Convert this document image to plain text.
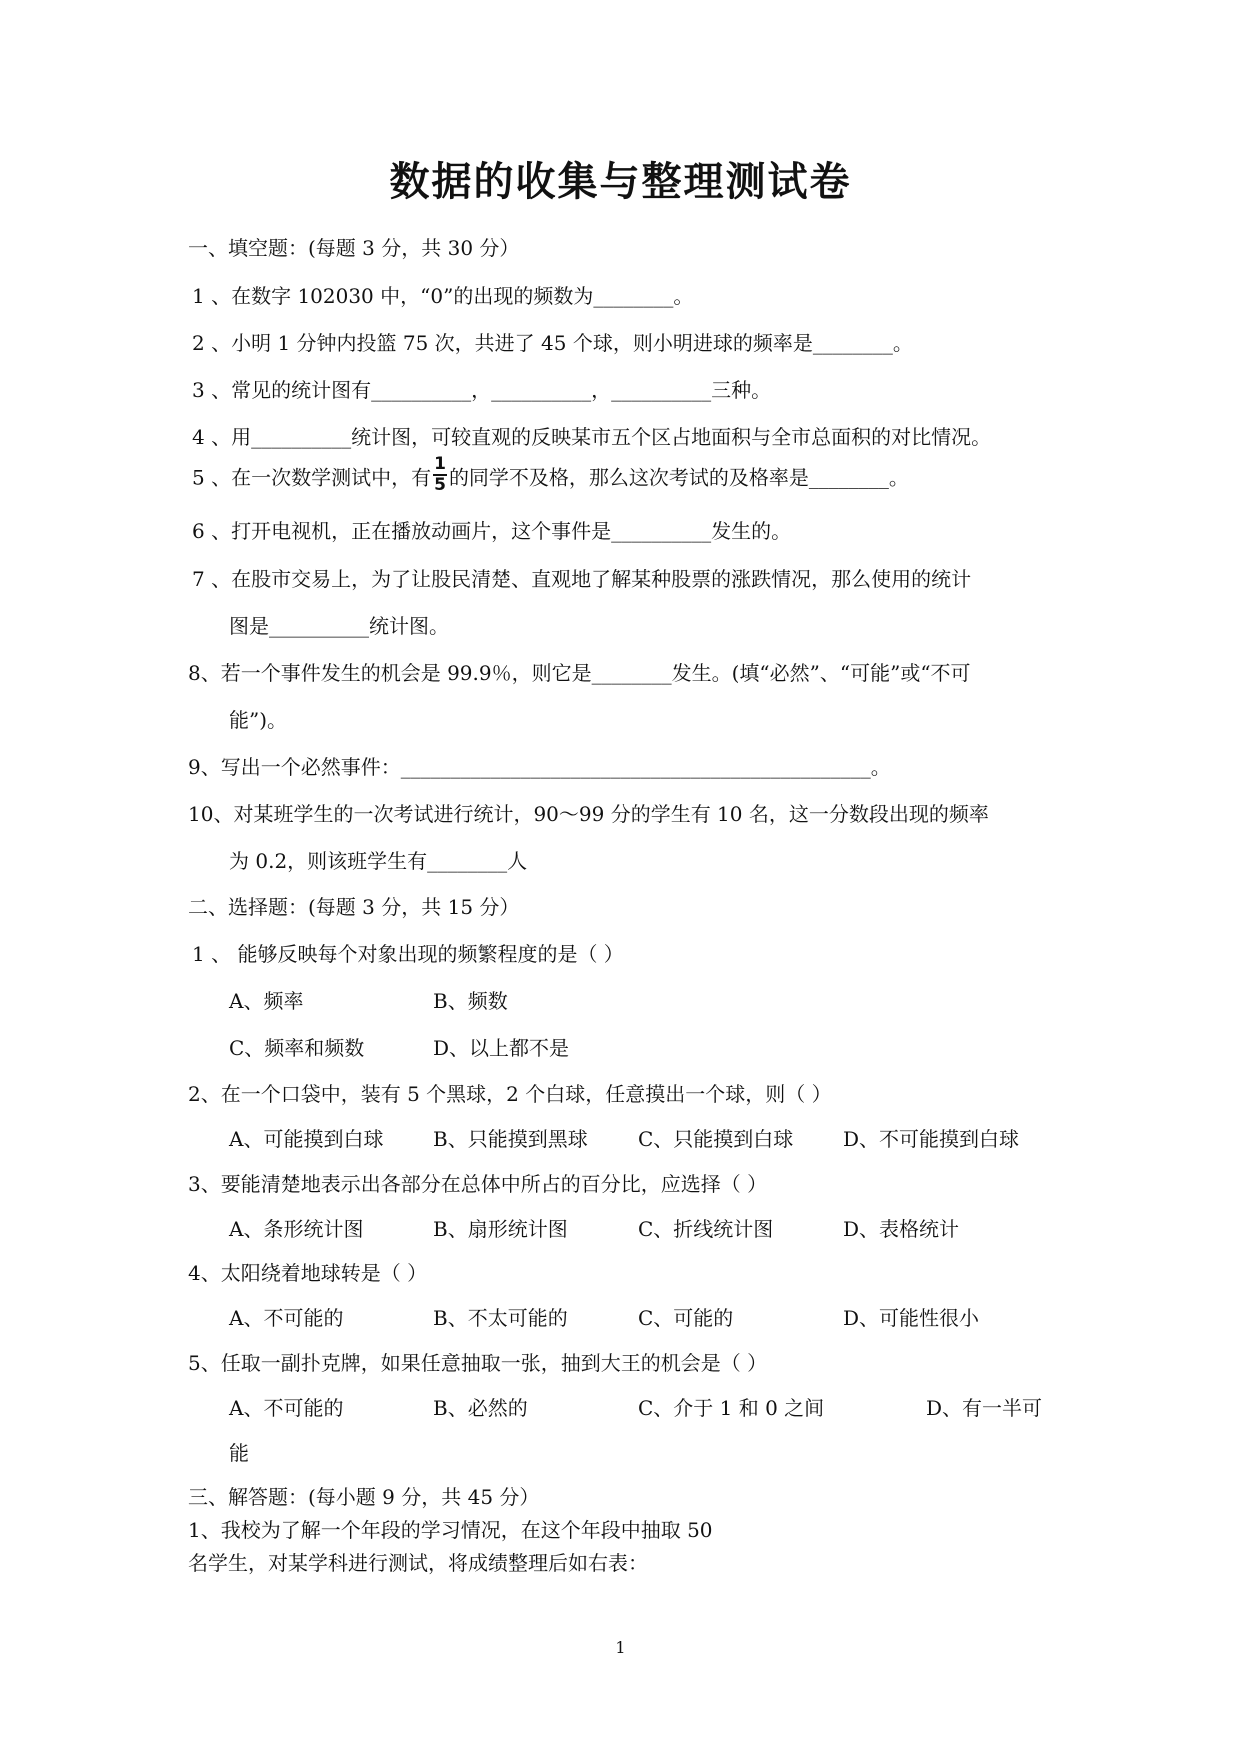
数据的收集与整理测试卷
一、填空题：(每题 3 分，共 30 分）
1 、在数字 102030 中，“0”的出现的频数为________。
2 、小明 1 分钟内投篮 75 次，共进了 45 个球，则小明进球的频率是________。
3 、常见的统计图有__________，__________，__________三种。
4 、用__________统计图，可较直观的反映某市五个区占地面积与全市总面积的对比情况。
5 、在一次数学测试中，有 $\frac{1}{5}$ 的同学不及格，那么这次考试的及格率是________。
6 、打开电视机，正在播放动画片，这个事件是__________发生的。
7 、在股市交易上，为了让股民清楚、直观地了解某种股票的涨跌情况，那么使用的统计
图是__________统计图。
8、若一个事件发生的机会是 99.9％，则它是________发生。(填“必然”、“可能”或“不可
能”)。
9、写出一个必然事件：_______________________________________________。
10、对某班学生的一次考试进行统计，90～99 分的学生有 10 名，这一分数段出现的频率
为 0.2，则该班学生有________人
二、选择题：(每题 3 分，共 15 分）
1 、 能够反映每个对象出现的频繁程度的是（ ）
A、频率	B、频数
C、频率和频数	D、以上都不是
2、在一个口袋中，装有 5 个黑球，2 个白球，任意摸出一个球，则（ ）
A、可能摸到白球 B、只能摸到黑球	C、只能摸到白球 D、不可能摸到白球
3、要能清楚地表示出各部分在总体中所占的百分比，应选择（ ）
A、条形统计图	B、扇形统计图	C、折线统计图	D、表格统计
4、太阳绕着地球转是（ ）
A、不可能的	B、不太可能的	C、可能的	D、可能性很小
5、任取一副扑克牌，如果任意抽取一张，抽到大王的机会是（ ）
A、不可能的	B、必然的	C、介于 1 和 0 之间	D、有一半可
能
三、解答题：(每小题 9 分，共 45 分）
1、我校为了解一个年段的学习情况，在这个年段中抽取 50
名学生，对某学科进行测试，将成绩整理后如右表：
1
